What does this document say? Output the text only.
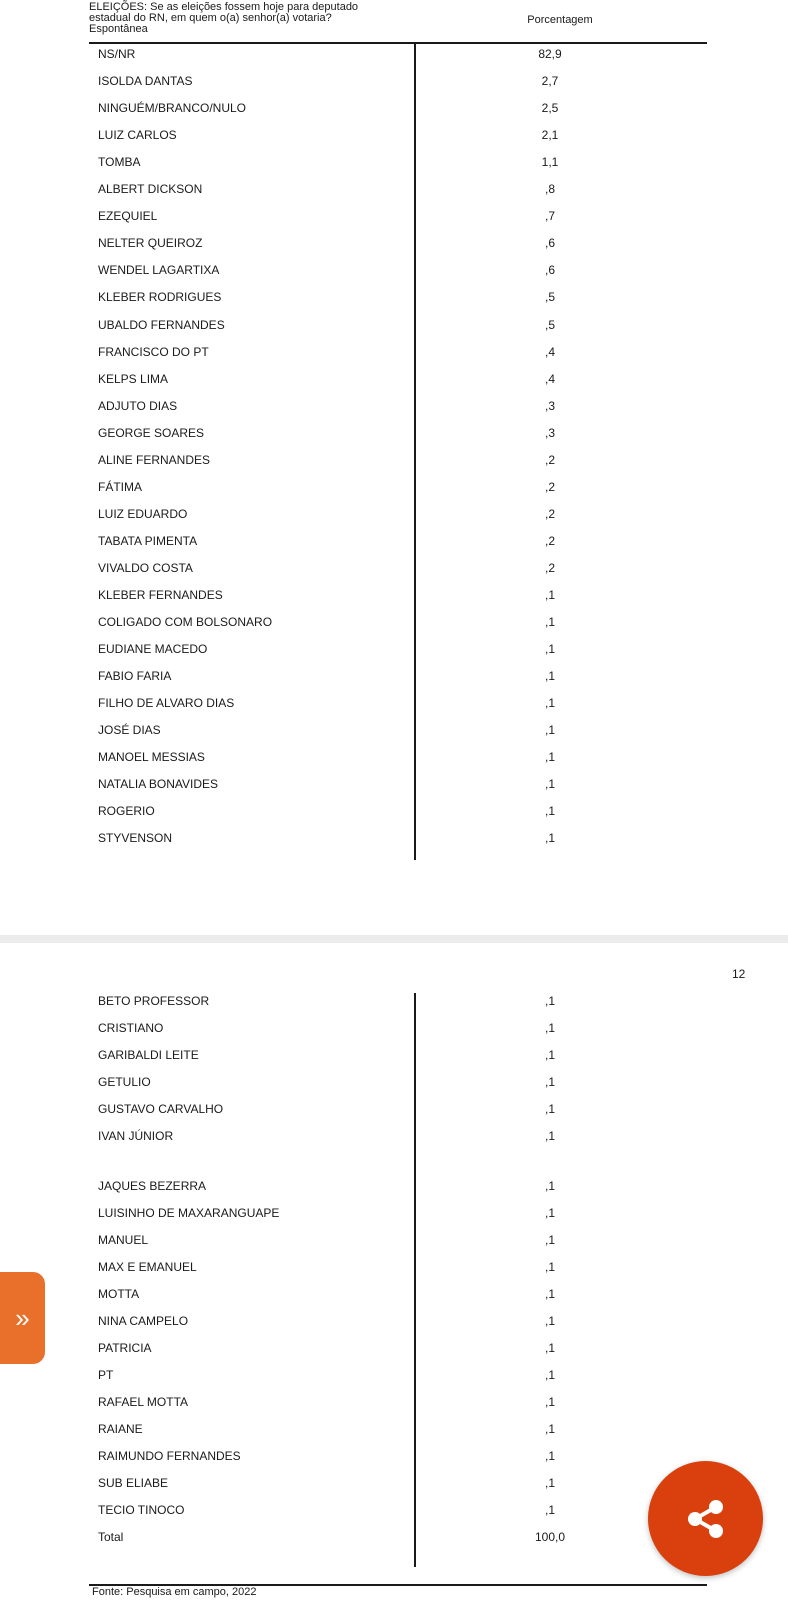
ELEIÇÕES: Se as eleições fossem hoje para deputado
estadual do RN, em quem o(a) senhor(a) votaria?
Espontânea
Porcentagem
NS/NR	82,9
ISOLDA DANTAS	2,7
NINGUÉM/BRANCO/NULO	2,5
LUIZ CARLOS	2,1
TOMBA	1,1
ALBERT DICKSON	,8
EZEQUIEL	,7
NELTER QUEIROZ	,6
WENDEL LAGARTIXA	,6
KLEBER RODRIGUES	,5
UBALDO FERNANDES	,5
FRANCISCO DO PT	,4
KELPS LIMA	,4
ADJUTO DIAS	,3
GEORGE SOARES	,3
ALINE FERNANDES	,2
FÁTIMA	,2
LUIZ EDUARDO	,2
TABATA PIMENTA	,2
VIVALDO COSTA	,2
KLEBER FERNANDES	,1
COLIGADO COM BOLSONARO	,1
EUDIANE MACEDO	,1
FABIO FARIA	,1
FILHO DE ALVARO DIAS	,1
JOSÉ DIAS	,1
MANOEL MESSIAS	,1
NATALIA BONAVIDES	,1
ROGERIO	,1
STYVENSON	,1
12
BETO PROFESSOR	,1
CRISTIANO	,1
GARIBALDI LEITE	,1
GETULIO	,1
GUSTAVO CARVALHO	,1
IVAN JÚNIOR	,1
JAQUES BEZERRA	,1
LUISINHO DE MAXARANGUAPE	,1
MANUEL	,1
MAX E EMANUEL	,1
MOTTA	,1
NINA CAMPELO	,1
PATRICIA	,1
PT	,1
RAFAEL MOTTA	,1
RAIANE	,1
RAIMUNDO FERNANDES	,1
SUB ELIABE	,1
TECIO TINOCO	,1
Total	100,0
Fonte: Pesquisa em campo, 2022
»
